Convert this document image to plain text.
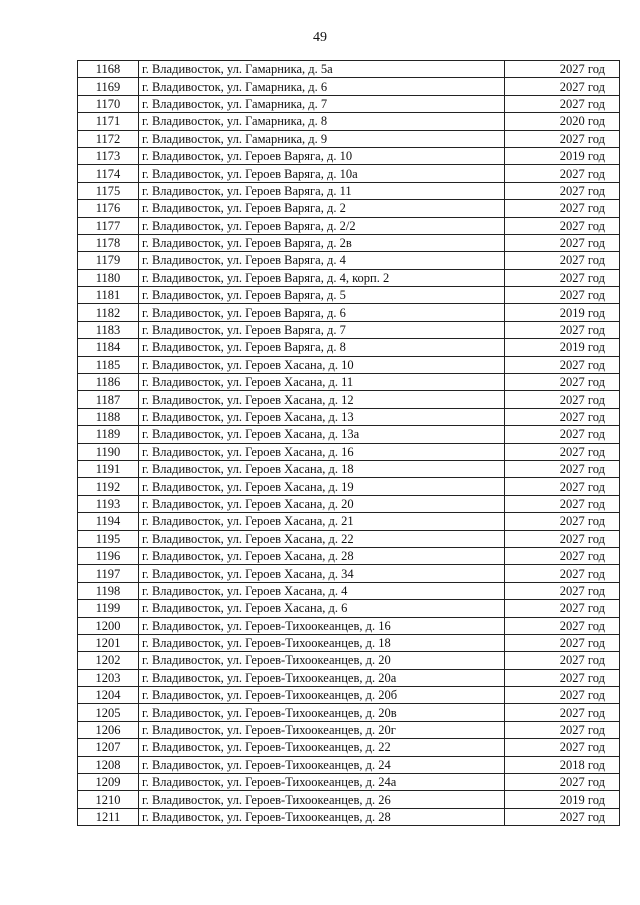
49
1168	г. Владивосток, ул. Гамарника, д. 5а	2027 год
1169	г. Владивосток, ул. Гамарника, д. 6	2027 год
1170	г. Владивосток, ул. Гамарника, д. 7	2027 год
1171	г. Владивосток, ул. Гамарника, д. 8	2020 год
1172	г. Владивосток, ул. Гамарника, д. 9	2027 год
1173	г. Владивосток, ул. Героев Варяга, д. 10	2019 год
1174	г. Владивосток, ул. Героев Варяга, д. 10а	2027 год
1175	г. Владивосток, ул. Героев Варяга, д. 11	2027 год
1176	г. Владивосток, ул. Героев Варяга, д. 2	2027 год
1177	г. Владивосток, ул. Героев Варяга, д. 2/2	2027 год
1178	г. Владивосток, ул. Героев Варяга, д. 2в	2027 год
1179	г. Владивосток, ул. Героев Варяга, д. 4	2027 год
1180	г. Владивосток, ул. Героев Варяга, д. 4, корп. 2	2027 год
1181	г. Владивосток, ул. Героев Варяга, д. 5	2027 год
1182	г. Владивосток, ул. Героев Варяга, д. 6	2019 год
1183	г. Владивосток, ул. Героев Варяга, д. 7	2027 год
1184	г. Владивосток, ул. Героев Варяга, д. 8	2019 год
1185	г. Владивосток, ул. Героев Хасана, д. 10	2027 год
1186	г. Владивосток, ул. Героев Хасана, д. 11	2027 год
1187	г. Владивосток, ул. Героев Хасана, д. 12	2027 год
1188	г. Владивосток, ул. Героев Хасана, д. 13	2027 год
1189	г. Владивосток, ул. Героев Хасана, д. 13а	2027 год
1190	г. Владивосток, ул. Героев Хасана, д. 16	2027 год
1191	г. Владивосток, ул. Героев Хасана, д. 18	2027 год
1192	г. Владивосток, ул. Героев Хасана, д. 19	2027 год
1193	г. Владивосток, ул. Героев Хасана, д. 20	2027 год
1194	г. Владивосток, ул. Героев Хасана, д. 21	2027 год
1195	г. Владивосток, ул. Героев Хасана, д. 22	2027 год
1196	г. Владивосток, ул. Героев Хасана, д. 28	2027 год
1197	г. Владивосток, ул. Героев Хасана, д. 34	2027 год
1198	г. Владивосток, ул. Героев Хасана, д. 4	2027 год
1199	г. Владивосток, ул. Героев Хасана, д. 6	2027 год
1200	г. Владивосток, ул. Героев-Тихоокеанцев, д. 16	2027 год
1201	г. Владивосток, ул. Героев-Тихоокеанцев, д. 18	2027 год
1202	г. Владивосток, ул. Героев-Тихоокеанцев, д. 20	2027 год
1203	г. Владивосток, ул. Героев-Тихоокеанцев, д. 20а	2027 год
1204	г. Владивосток, ул. Героев-Тихоокеанцев, д. 20б	2027 год
1205	г. Владивосток, ул. Героев-Тихоокеанцев, д. 20в	2027 год
1206	г. Владивосток, ул. Героев-Тихоокеанцев, д. 20г	2027 год
1207	г. Владивосток, ул. Героев-Тихоокеанцев, д. 22	2027 год
1208	г. Владивосток, ул. Героев-Тихоокеанцев, д. 24	2018 год
1209	г. Владивосток, ул. Героев-Тихоокеанцев, д. 24а	2027 год
1210	г. Владивосток, ул. Героев-Тихоокеанцев, д. 26	2019 год
1211	г. Владивосток, ул. Героев-Тихоокеанцев, д. 28	2027 год
